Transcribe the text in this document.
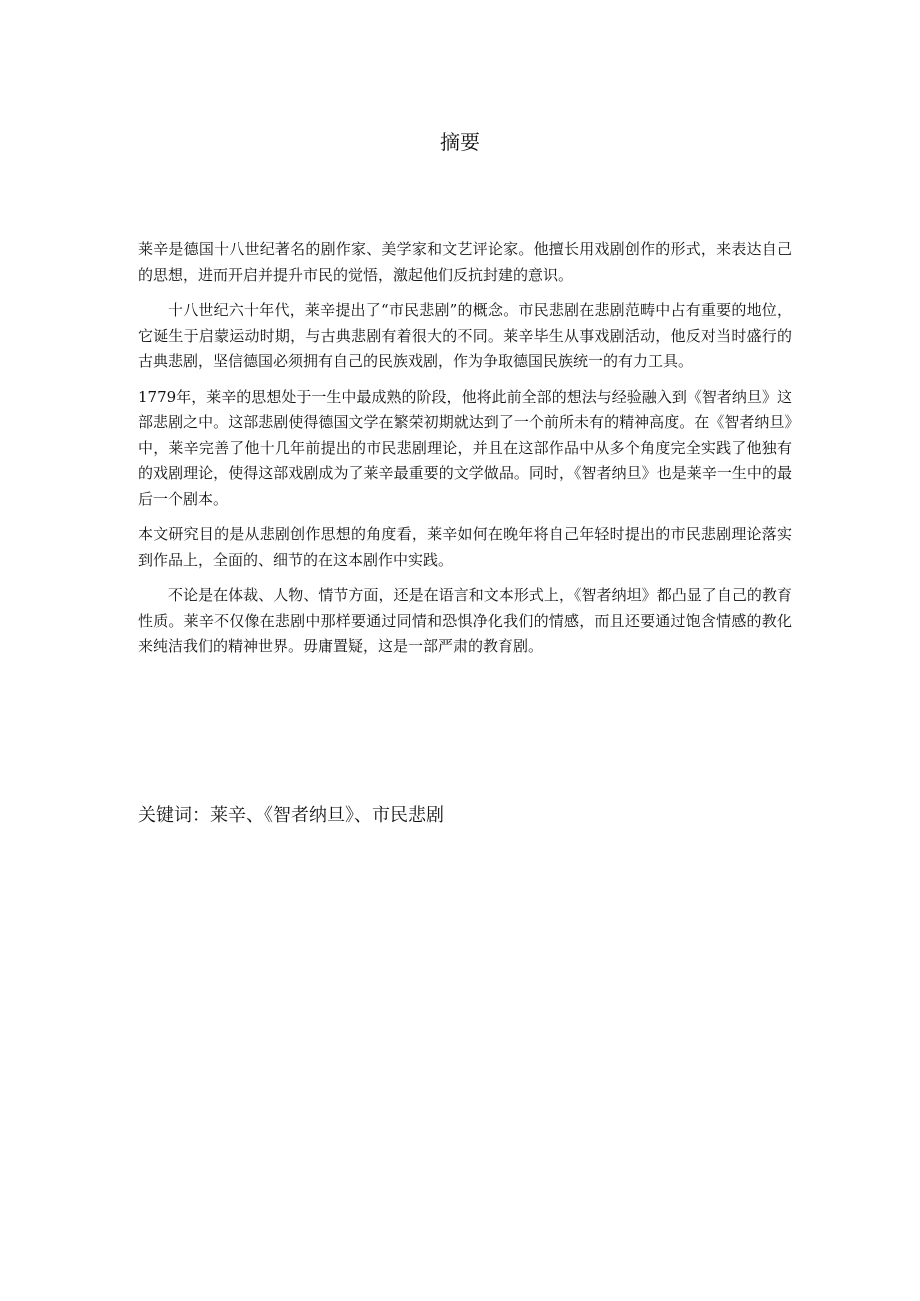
摘要

莱辛是德国十八世纪著名的剧作家、美学家和文艺评论家。他擅长用戏剧创作的形式，来表达自己的思想，进而开启并提升市民的觉悟，激起他们反抗封建的意识。

十八世纪六十年代，莱辛提出了“市民悲剧”的概念。市民悲剧在悲剧范畴中占有重要的地位，它诞生于启蒙运动时期，与古典悲剧有着很大的不同。莱辛毕生从事戏剧活动，他反对当时盛行的古典悲剧，坚信德国必须拥有自己的民族戏剧，作为争取德国民族统一的有力工具。

1779年，莱辛的思想处于一生中最成熟的阶段，他将此前全部的想法与经验融入到《智者纳旦》这部悲剧之中。这部悲剧使得德国文学在繁荣初期就达到了一个前所未有的精神高度。在《智者纳旦》中，莱辛完善了他十几年前提出的市民悲剧理论，并且在这部作品中从多个角度完全实践了他独有的戏剧理论，使得这部戏剧成为了莱辛最重要的文学做品。同时，《智者纳旦》也是莱辛一生中的最后一个剧本。

本文研究目的是从悲剧创作思想的角度看，莱辛如何在晚年将自己年轻时提出的市民悲剧理论落实到作品上，全面的、细节的在这本剧作中实践。

不论是在体裁、人物、情节方面，还是在语言和文本形式上，《智者纳坦》都凸显了自己的教育性质。莱辛不仅像在悲剧中那样要通过同情和恐惧净化我们的情感，而且还要通过饱含情感的教化来纯洁我们的精神世界。毋庸置疑，这是一部严肃的教育剧。

关键词：莱辛、《智者纳旦》、市民悲剧
